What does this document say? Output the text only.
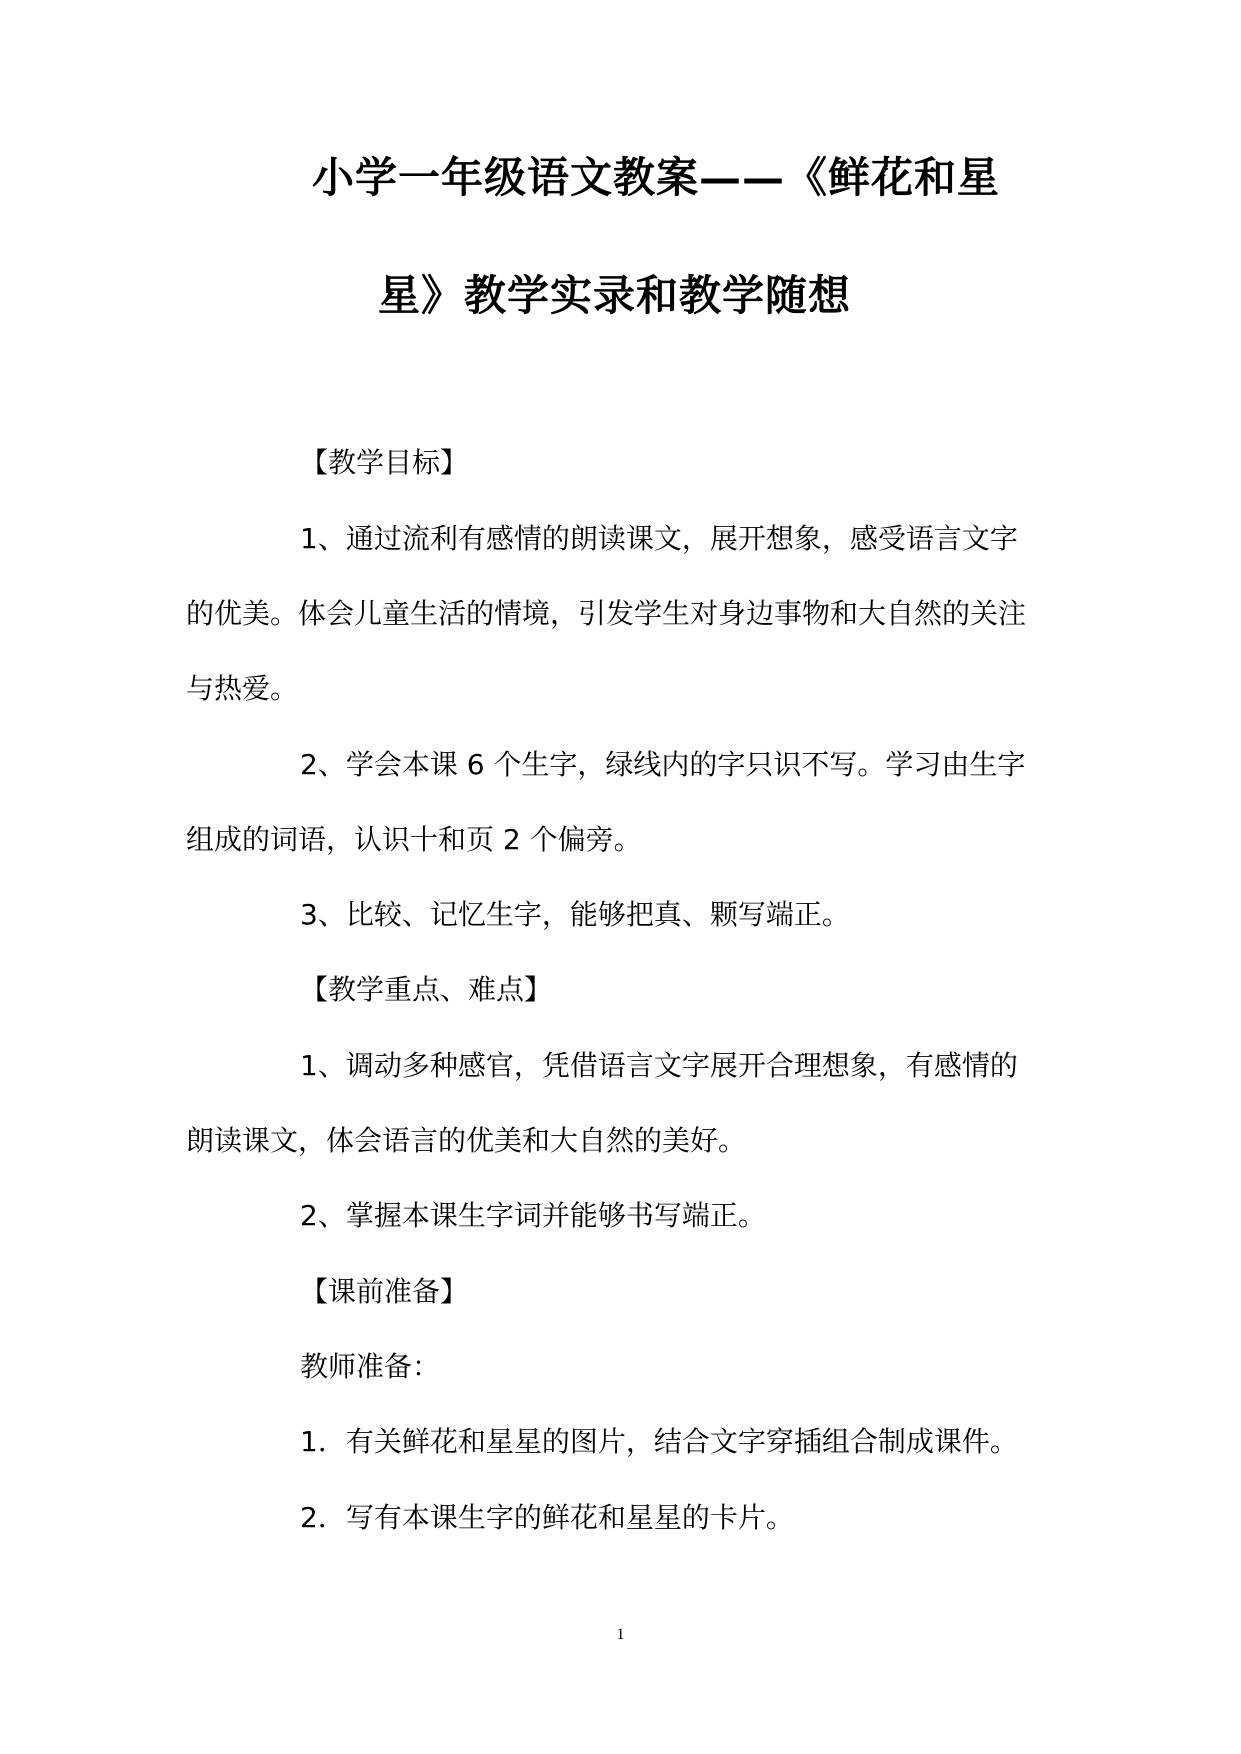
小学一年级语文教案——《鲜花和星
星》教学实录和教学随想
【教学目标】
1、通过流利有感情的朗读课文，展开想象，感受语言文字
的优美。体会儿童生活的情境，引发学生对身边事物和大自然的关注
与热爱。
2、学会本课 6 个生字，绿线内的字只识不写。学习由生字
组成的词语，认识十和页 2 个偏旁。
3、比较、记忆生字，能够把真、颗写端正。
【教学重点、难点】
1、调动多种感官，凭借语言文字展开合理想象，有感情的
朗读课文，体会语言的优美和大自然的美好。
2、掌握本课生字词并能够书写端正。
【课前准备】
教师准备：
1．有关鲜花和星星的图片，结合文字穿插组合制成课件。
2．写有本课生字的鲜花和星星的卡片。
1
